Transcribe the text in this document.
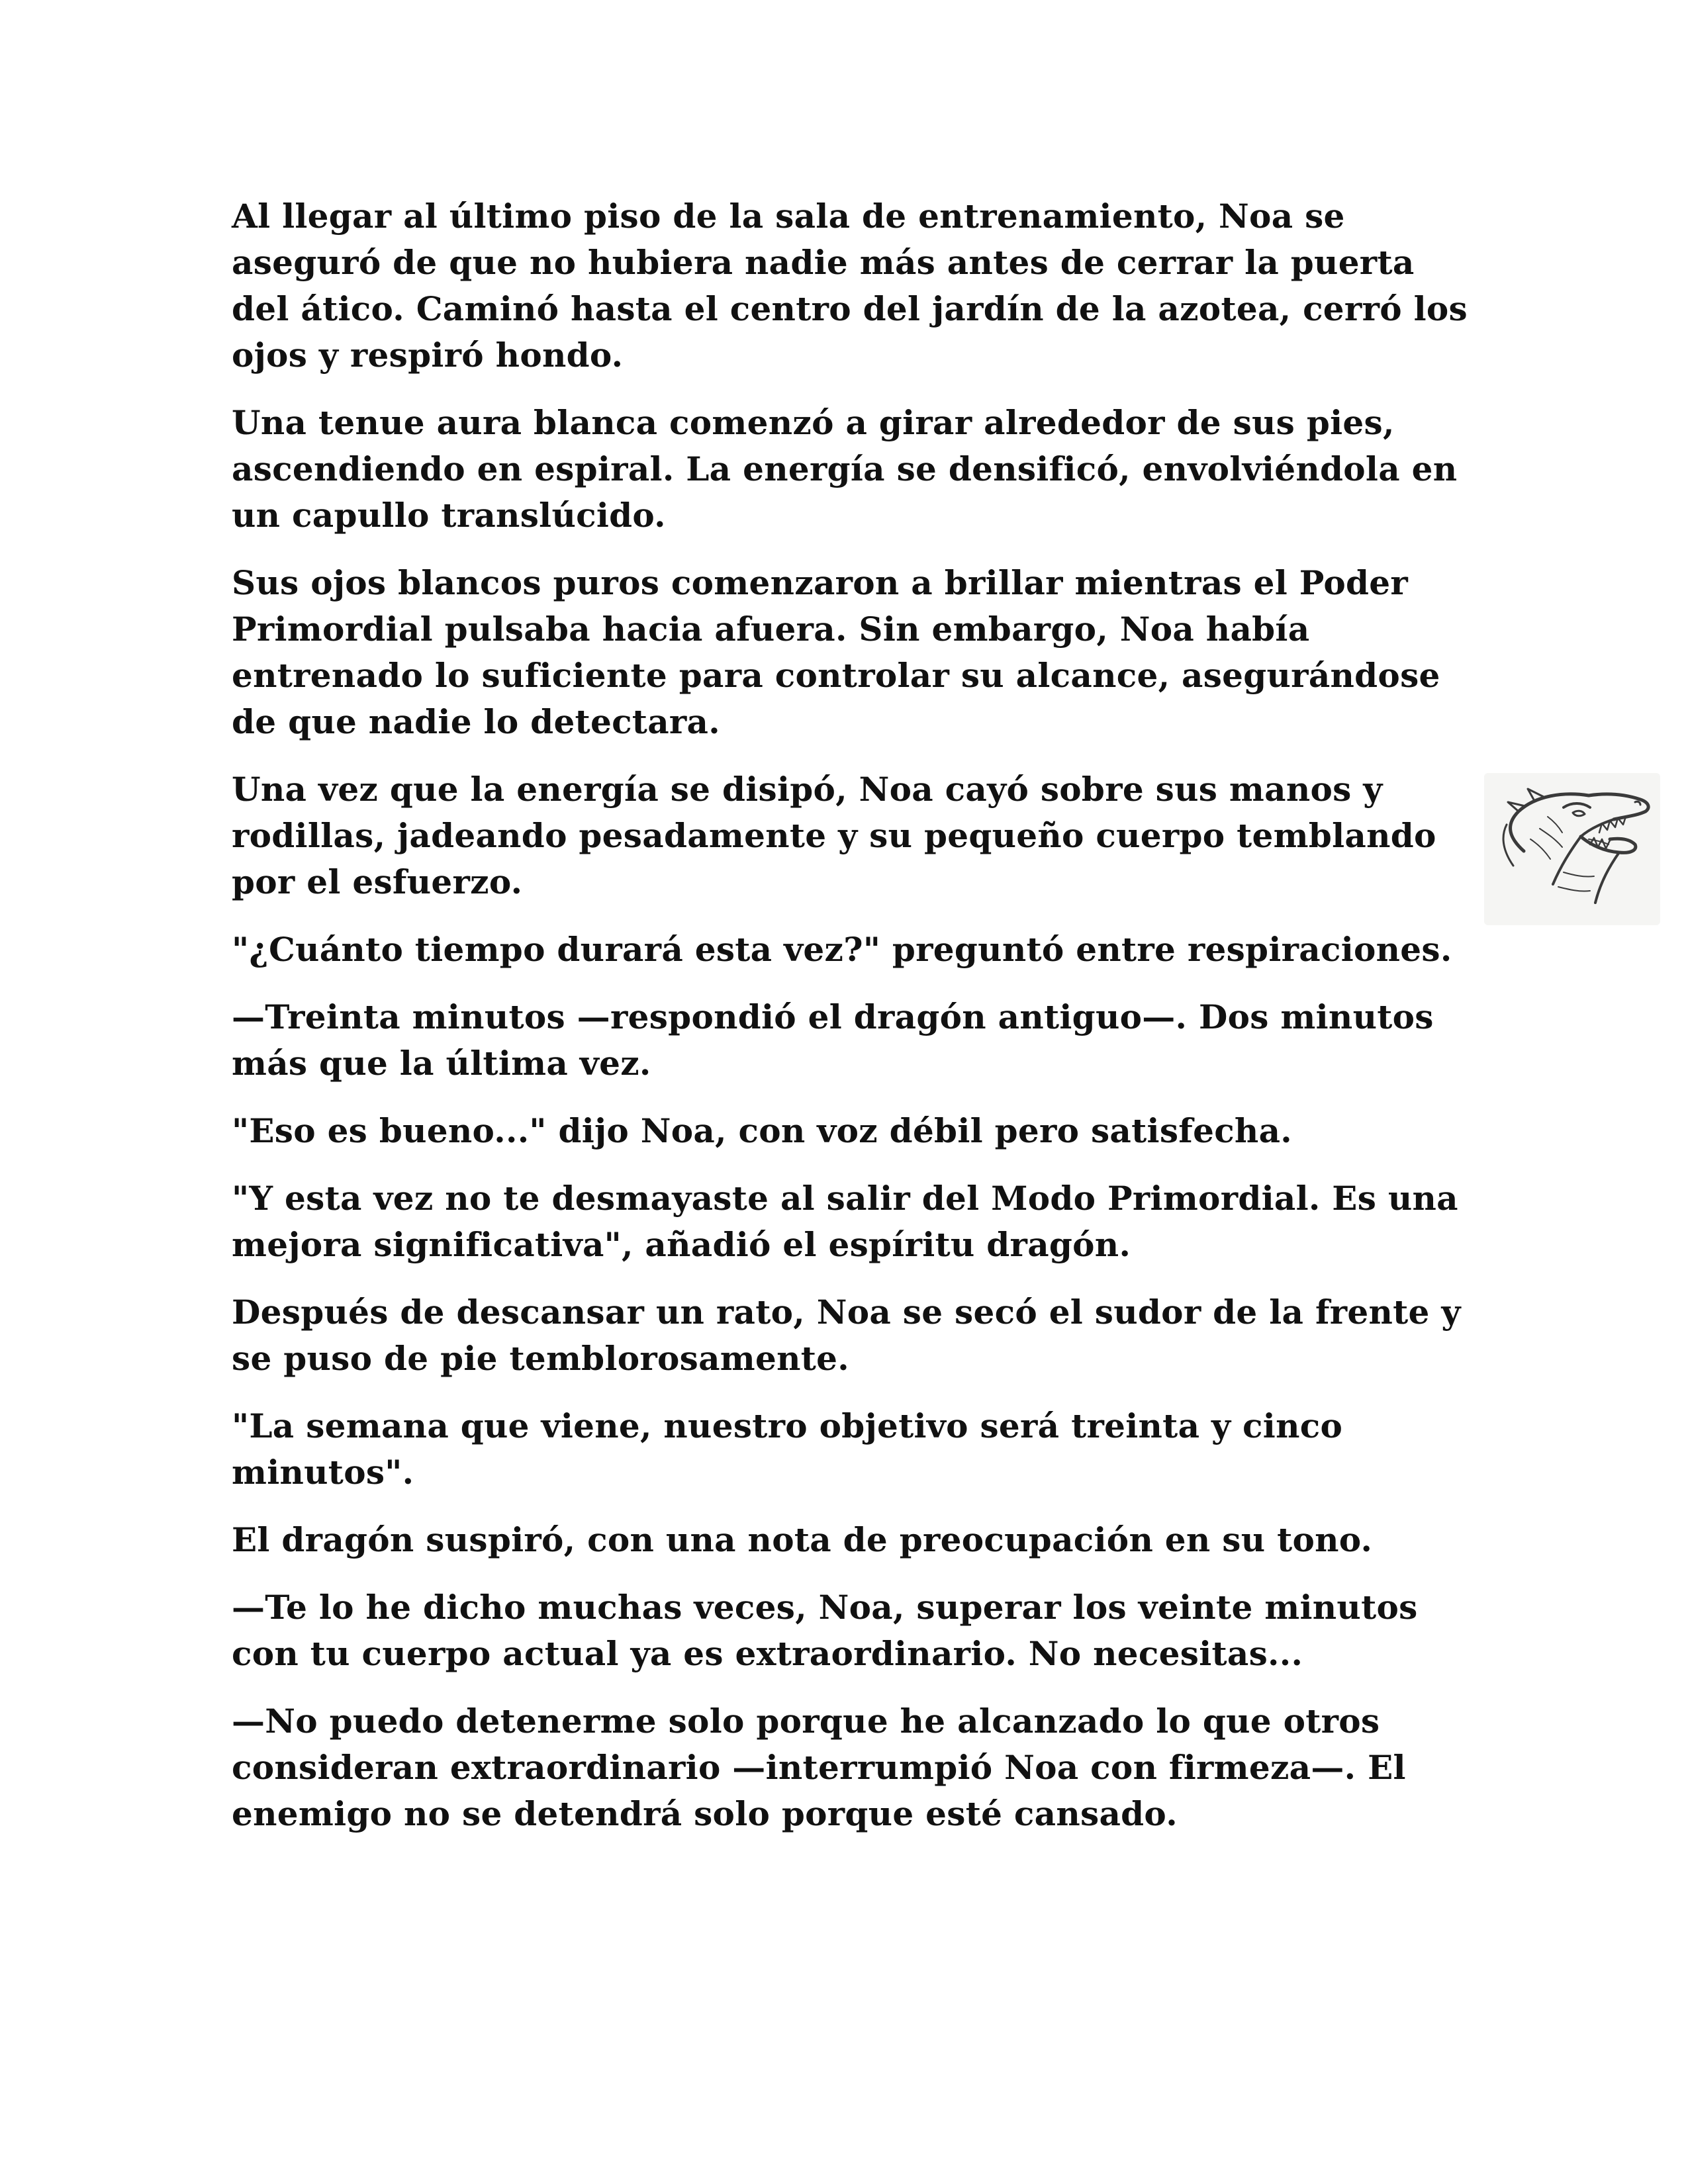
Al llegar al último piso de la sala de entrenamiento, Noa se aseguró de que no hubiera nadie más antes de cerrar la puerta del ático. Caminó hasta el centro del jardín de la azotea, cerró los ojos y respiró hondo.

Una tenue aura blanca comenzó a girar alrededor de sus pies, ascendiendo en espiral. La energía se densificó, envolviéndola en un capullo translúcido.

Sus ojos blancos puros comenzaron a brillar mientras el Poder Primordial pulsaba hacia afuera. Sin embargo, Noa había entrenado lo suficiente para controlar su alcance, asegurándose de que nadie lo detectara.

Una vez que la energía se disipó, Noa cayó sobre sus manos y rodillas, jadeando pesadamente y su pequeño cuerpo temblando por el esfuerzo.

"¿Cuánto tiempo durará esta vez?" preguntó entre respiraciones.

—Treinta minutos —respondió el dragón antiguo—. Dos minutos más que la última vez.

"Eso es bueno..." dijo Noa, con voz débil pero satisfecha.

"Y esta vez no te desmayaste al salir del Modo Primordial. Es una mejora significativa", añadió el espíritu dragón.

Después de descansar un rato, Noa se secó el sudor de la frente y se puso de pie temblorosamente.

"La semana que viene, nuestro objetivo será treinta y cinco minutos".

El dragón suspiró, con una nota de preocupación en su tono.

—Te lo he dicho muchas veces, Noa, superar los veinte minutos con tu cuerpo actual ya es extraordinario. No necesitas...

—No puedo detenerme solo porque he alcanzado lo que otros consideran extraordinario —interrumpió Noa con firmeza—. El enemigo no se detendrá solo porque esté cansado.
